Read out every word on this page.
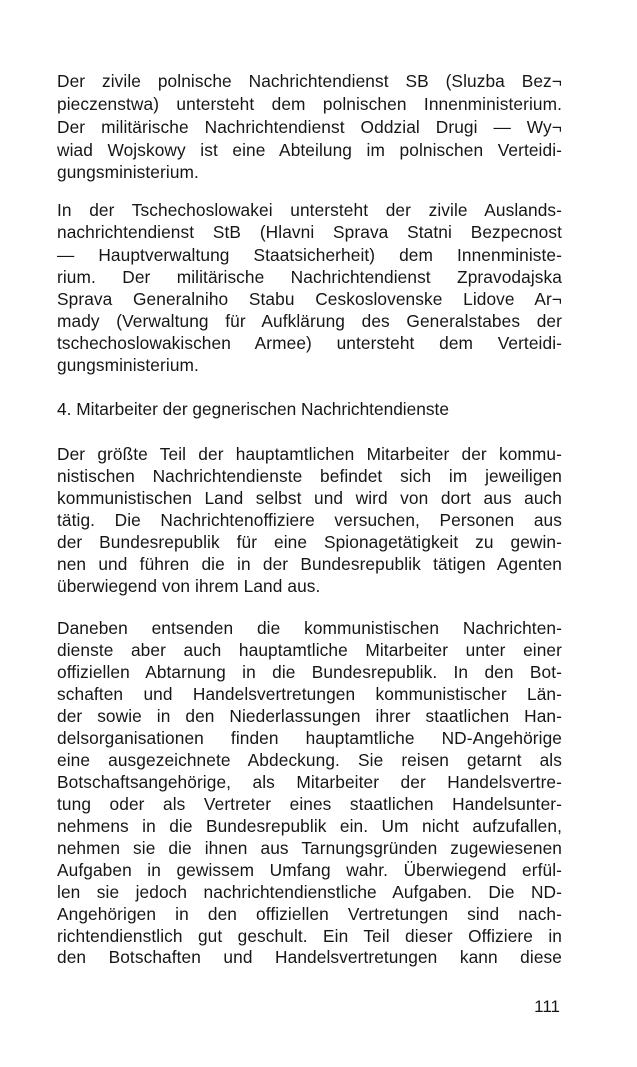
Der zivile polnische Nachrichtendienst SB (Sluzba Bez¬
pieczenstwa) untersteht dem polnischen Innenministerium.
Der militärische Nachrichtendienst Oddzial Drugi — Wy¬
wiad Wojskowy ist eine Abteilung im polnischen Verteidi-
gungsministerium.
In der Tschechoslowakei untersteht der zivile Auslands-
nachrichtendienst StB (Hlavni Sprava Statni Bezpecnost
— Hauptverwaltung Staatsicherheit) dem Innenministe-
rium. Der militärische Nachrichtendienst Zpravodajska
Sprava Generalniho Stabu Ceskoslovenske Lidove Ar¬
mady (Verwaltung für Aufklärung des Generalstabes der
tschechoslowakischen Armee) untersteht dem Verteidi-
gungsministerium.
4. Mitarbeiter der gegnerischen Nachrichtendienste
Der größte Teil der hauptamtlichen Mitarbeiter der kommu-
nistischen Nachrichtendienste befindet sich im jeweiligen
kommunistischen Land selbst und wird von dort aus auch
tätig. Die Nachrichtenoffiziere versuchen, Personen aus
der Bundesrepublik für eine Spionagetätigkeit zu gewin-
nen und führen die in der Bundesrepublik tätigen Agenten
überwiegend von ihrem Land aus.
Daneben entsenden die kommunistischen Nachrichten-
dienste aber auch hauptamtliche Mitarbeiter unter einer
offiziellen Abtarnung in die Bundesrepublik. In den Bot-
schaften und Handelsvertretungen kommunistischer Län-
der sowie in den Niederlassungen ihrer staatlichen Han-
delsorganisationen finden hauptamtliche ND-Angehörige
eine ausgezeichnete Abdeckung. Sie reisen getarnt als
Botschaftsangehörige, als Mitarbeiter der Handelsvertre-
tung oder als Vertreter eines staatlichen Handelsunter-
nehmens in die Bundesrepublik ein. Um nicht aufzufallen,
nehmen sie die ihnen aus Tarnungsgründen zugewiesenen
Aufgaben in gewissem Umfang wahr. Überwiegend erfül-
len sie jedoch nachrichtendienstliche Aufgaben. Die ND-
Angehörigen in den offiziellen Vertretungen sind nach-
richtendienstlich gut geschult. Ein Teil dieser Offiziere in
den Botschaften und Handelsvertretungen kann diese
111
